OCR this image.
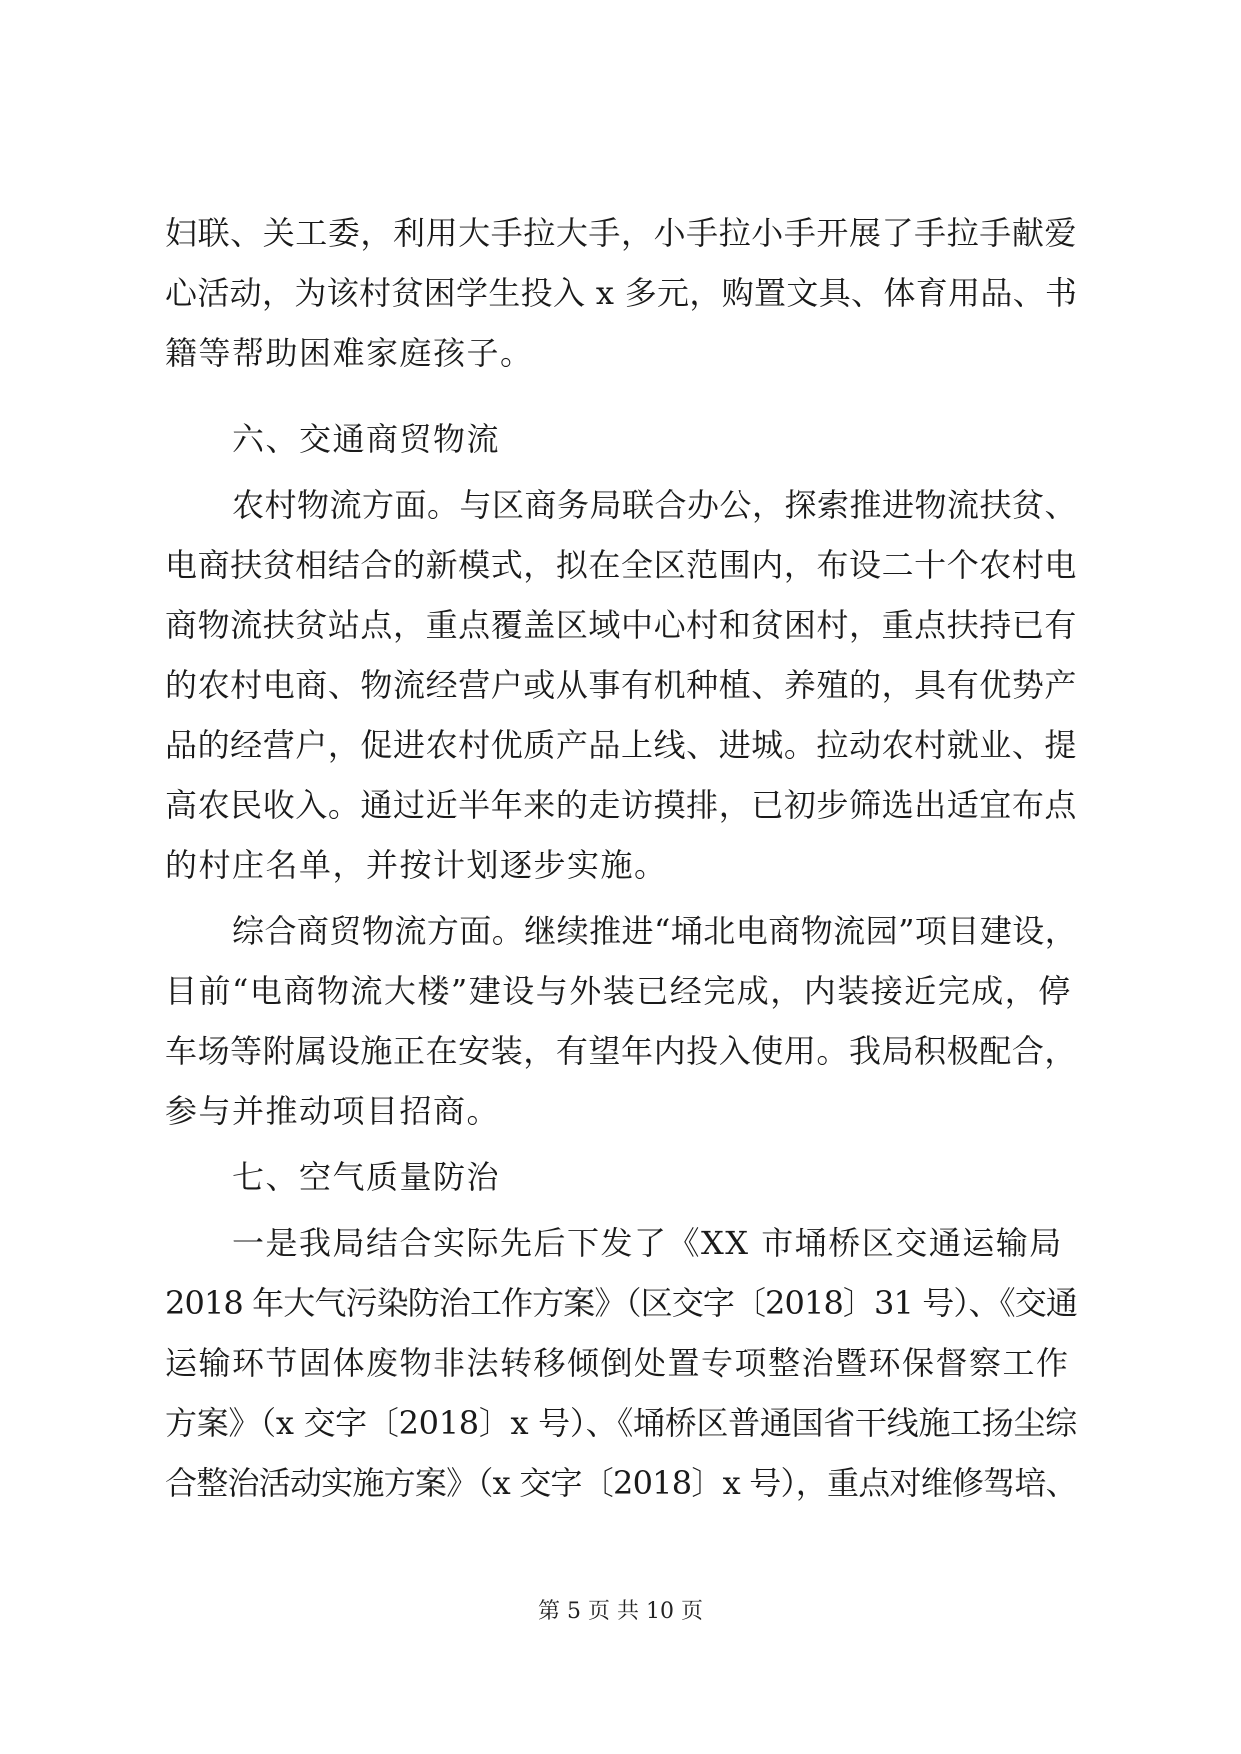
妇联、关工委，利用大手拉大手，小手拉小手开展了手拉手献爱
心活动，为该村贫困学生投入 x 多元，购置文具、体育用品、书
籍等帮助困难家庭孩子。
六、交通商贸物流
农村物流方面。与区商务局联合办公，探索推进物流扶贫、
电商扶贫相结合的新模式，拟在全区范围内，布设二十个农村电
商物流扶贫站点，重点覆盖区域中心村和贫困村，重点扶持已有
的农村电商、物流经营户或从事有机种植、养殖的，具有优势产
品的经营户，促进农村优质产品上线、进城。拉动农村就业、提
高农民收入。通过近半年来的走访摸排，已初步筛选出适宜布点
的村庄名单，并按计划逐步实施。
综合商贸物流方面。继续推进“埇北电商物流园”项目建设，
目前“电商物流大楼”建设与外装已经完成，内装接近完成，停
车场等附属设施正在安装，有望年内投入使用。我局积极配合，
参与并推动项目招商。
七、空气质量防治
一是我局结合实际先后下发了《XX 市埇桥区交通运输局
2018 年大气污染防治工作方案》（区交字〔2018〕31 号）、《交通
运输环节固体废物非法转移倾倒处置专项整治暨环保督察工作
方案》（x 交字〔2018〕x 号）、《埇桥区普通国省干线施工扬尘综
合整治活动实施方案》（x 交字〔2018〕x 号），重点对维修驾培、
第 5 页 共 10 页
